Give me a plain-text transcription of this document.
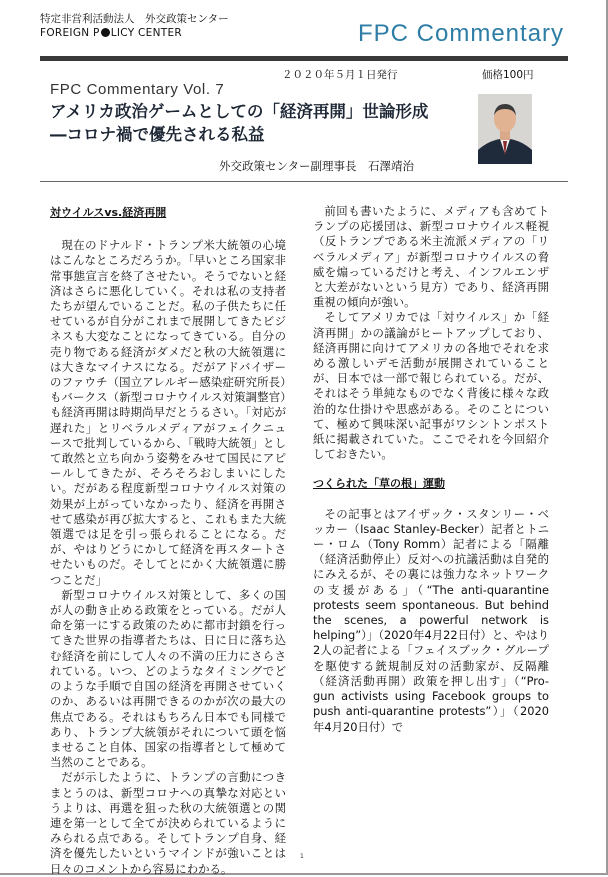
特定非営利活動法人　外交政策センター
FOREIGN P LICY CENTER	FPC Commentary
２０２０年５月１日発行	価格100円
FPC Commentary Vol. 7
アメリカ政治ゲームとしての「経済再開」世論形成
―コロナ禍で優先される私益
外交政策センター副理事長　石澤靖治
対ウイルスvs.経済再開

現在のドナルド・トランプ米大統領の心境はこんなところだろうか。「早いところ国家非常事態宣言を終了させたい。そうでないと経済はさらに悪化していく。それは私の支持者たちが望んでいることだ。私の子供たちに任せているが自分がこれまで展開してきたビジネスも大変なことになってきている。自分の売り物である経済がダメだと秋の大統領選には大きなマイナスになる。だがアドバイザーのファウチ（国立アレルギー感染症研究所長）もバークス（新型コロナウイルス対策調整官）も経済再開は時期尚早だとうるさい。「対応が遅れた」とリベラルメディアがフェイクニュースで批判しているから、「戦時大統領」として敢然と立ち向かう姿勢をみせて国民にアピールしてきたが、そろそろおしまいにしたい。だがある程度新型コロナウイルス対策の効果が上がっていなかったり、経済を再開させて感染が再び拡大すると、これもまた大統領選では足を引っ張られることになる。だが、やはりどうにかして経済を再スタートさせたいものだ。そしてとにかく大統領選に勝つことだ」

新型コロナウイルス対策として、多くの国が人の動き止める政策をとっている。だが人命を第一にする政策のために都市封鎖を行ってきた世界の指導者たちは、日に日に落ち込む経済を前にして人々の不満の圧力にさらされている。いつ、どのようなタイミングでどのような手順で自国の経済を再開させていくのか、あるいは再開できるのかが次の最大の焦点である。それはもちろん日本でも同様であり、トランプ大統領がそれについて頭を悩ませること自体、国家の指導者として極めて当然のことである。

だが示したように、トランプの言動につきまとうのは、新型コロナへの真摯な対応というよりは、再選を狙った秋の大統領選との関連を第一として全てが決められているようにみられる点である。そしてトランプ自身、経済を優先したいというマインドが強いことは日々のコメントから容易にわかる。

前回も書いたように、メディアも含めてトランプの応援団は、新型コロナウイルス軽視（反トランプである米主流派メディアの「リベラルメディア」が新型コロナウイルスの脅威を煽っているだけと考え、インフルエンザと大差がないという見方）であり、経済再開重視の傾向が強い。

そしてアメリカでは「対ウイルス」か「経済再開」かの議論がヒートアップしており、経済再開に向けてアメリカの各地でそれを求める激しいデモ活動が展開されていることが、日本では一部で報じられている。だが、それはそう単純なものでなく背後に様々な政治的な仕掛けや思惑がある。そのことについて、極めて興味深い記事がワシントンポスト紙に掲載されていた。ここでそれを今回紹介しておきたい。

つくられた「草の根」運動

その記事とはアイザック・スタンリー・ベッカー（Isaac Stanley-Becker）記者とトニー・ロム（Tony Romm）記者による「隔離（経済活動停止）反対への抗議活動は自発的にみえるが、その裏には強力なネットワークの支援がある」（“The anti-quarantine protests seem spontaneous. But behind the scenes, a powerful network is helping”）」（2020年4月22日付）と、やはり2人の記者による「フェイスブック・グループを駆使する銃規制反対の活動家が、反隔離（経済活動再開）政策を押し出す」（“Pro-gun activists using Facebook groups to push anti-quarantine protests”）」（2020年4月20日付）で

1
